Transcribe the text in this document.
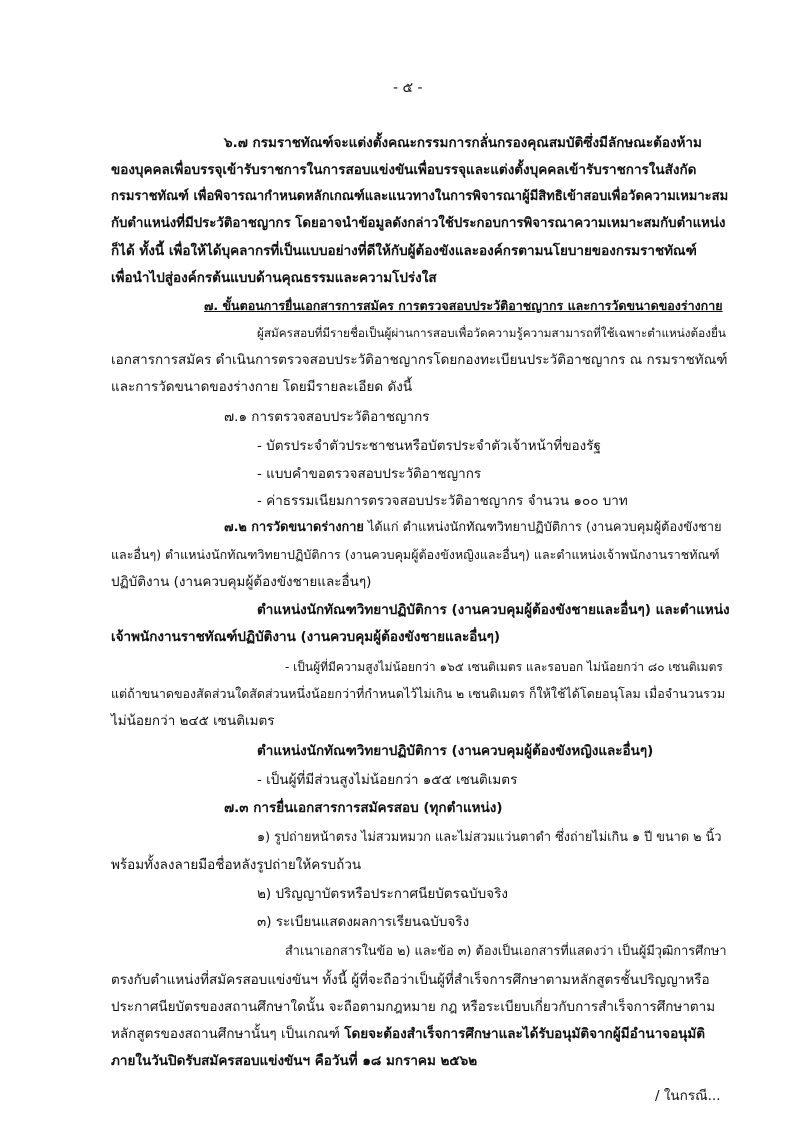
- ๕ -
๖.๗ กรมราชทัณฑ์จะแต่งตั้งคณะกรรมการกลั่นกรองคุณสมบัติซึ่งมีลักษณะต้องห้าม
ของบุคคลเพื่อบรรจุเข้ารับราชการในการสอบแข่งขันเพื่อบรรจุและแต่งตั้งบุคคลเข้ารับราชการในสังกัด
กรมราชทัณฑ์ เพื่อพิจารณากำหนดหลักเกณฑ์และแนวทางในการพิจารณาผู้มีสิทธิเข้าสอบเพื่อวัดความเหมาะสม
กับตำแหน่งที่มีประวัติอาชญากร โดยอาจนำข้อมูลดังกล่าวใช้ประกอบการพิจารณาความเหมาะสมกับตำแหน่ง
ก็ได้ ทั้งนี้ เพื่อให้ได้บุคลากรที่เป็นแบบอย่างที่ดีให้กับผู้ต้องขังและองค์กรตามนโยบายของกรมราชทัณฑ์
เพื่อนำไปสู่องค์กรต้นแบบด้านคุณธรรมและความโปร่งใส
๗. ขั้นตอนการยื่นเอกสารการสมัคร การตรวจสอบประวัติอาชญากร และการวัดขนาดของร่างกาย
ผู้สมัครสอบที่มีรายชื่อเป็นผู้ผ่านการสอบเพื่อวัดความรู้ความสามารถที่ใช้เฉพาะตำแหน่งต้องยื่น
เอกสารการสมัคร ดำเนินการตรวจสอบประวัติอาชญากรโดยกองทะเบียนประวัติอาชญากร ณ กรมราชทัณฑ์
และการวัดขนาดของร่างกาย โดยมีรายละเอียด ดังนี้
๗.๑ การตรวจสอบประวัติอาชญากร
- บัตรประจำตัวประชาชนหรือบัตรประจำตัวเจ้าหน้าที่ของรัฐ
- แบบคำขอตรวจสอบประวัติอาชญากร
- ค่าธรรมเนียมการตรวจสอบประวัติอาชญากร จำนวน ๑๐๐ บาท
๗.๒ การวัดขนาดร่างกาย ได้แก่ ตำแหน่งนักทัณฑวิทยาปฏิบัติการ (งานควบคุมผู้ต้องขังชาย
และอื่นๆ) ตำแหน่งนักทัณฑวิทยาปฏิบัติการ (งานควบคุมผู้ต้องขังหญิงและอื่นๆ) และตำแหน่งเจ้าพนักงานราชทัณฑ์
ปฏิบัติงาน (งานควบคุมผู้ต้องขังชายและอื่นๆ)
ตำแหน่งนักทัณฑวิทยาปฏิบัติการ (งานควบคุมผู้ต้องขังชายและอื่นๆ) และตำแหน่ง
เจ้าพนักงานราชทัณฑ์ปฏิบัติงาน (งานควบคุมผู้ต้องขังชายและอื่นๆ)
- เป็นผู้ที่มีความสูงไม่น้อยกว่า ๑๖๕ เซนติเมตร และรอบอก ไม่น้อยกว่า ๘๐ เซนติเมตร
แต่ถ้าขนาดของสัดส่วนใดสัดส่วนหนึ่งน้อยกว่าที่กำหนดไว้ไม่เกิน ๒ เซนติเมตร ก็ให้ใช้ได้โดยอนุโลม เมื่อจำนวนรวม
ไม่น้อยกว่า ๒๔๕ เซนติเมตร
ตำแหน่งนักทัณฑวิทยาปฏิบัติการ (งานควบคุมผู้ต้องขังหญิงและอื่นๆ)
- เป็นผู้ที่มีส่วนสูงไม่น้อยกว่า ๑๕๕ เซนติเมตร
๗.๓ การยื่นเอกสารการสมัครสอบ (ทุกตำแหน่ง)
๑) รูปถ่ายหน้าตรง ไม่สวมหมวก และไม่สวมแว่นตาดำ ซึ่งถ่ายไม่เกิน ๑ ปี ขนาด ๒ นิ้ว
พร้อมทั้งลงลายมือชื่อหลังรูปถ่ายให้ครบถ้วน
๒) ปริญญาบัตรหรือประกาศนียบัตรฉบับจริง
๓) ระเบียนแสดงผลการเรียนฉบับจริง
สำเนาเอกสารในข้อ ๒) และข้อ ๓) ต้องเป็นเอกสารที่แสดงว่า เป็นผู้มีวุฒิการศึกษา
ตรงกับตำแหน่งที่สมัครสอบแข่งขันฯ ทั้งนี้ ผู้ที่จะถือว่าเป็นผู้ที่สำเร็จการศึกษาตามหลักสูตรชั้นปริญญาหรือ
ประกาศนียบัตรของสถานศึกษาใดนั้น จะถือตามกฎหมาย กฎ หรือระเบียบเกี่ยวกับการสำเร็จการศึกษาตาม
หลักสูตรของสถานศึกษานั้นๆ เป็นเกณฑ์ โดยจะต้องสำเร็จการศึกษาและได้รับอนุมัติจากผู้มีอำนาจอนุมัติ
ภายในวันปิดรับสมัครสอบแข่งขันฯ คือวันที่ ๑๘ มกราคม ๒๕๖๒
/ ในกรณี...
